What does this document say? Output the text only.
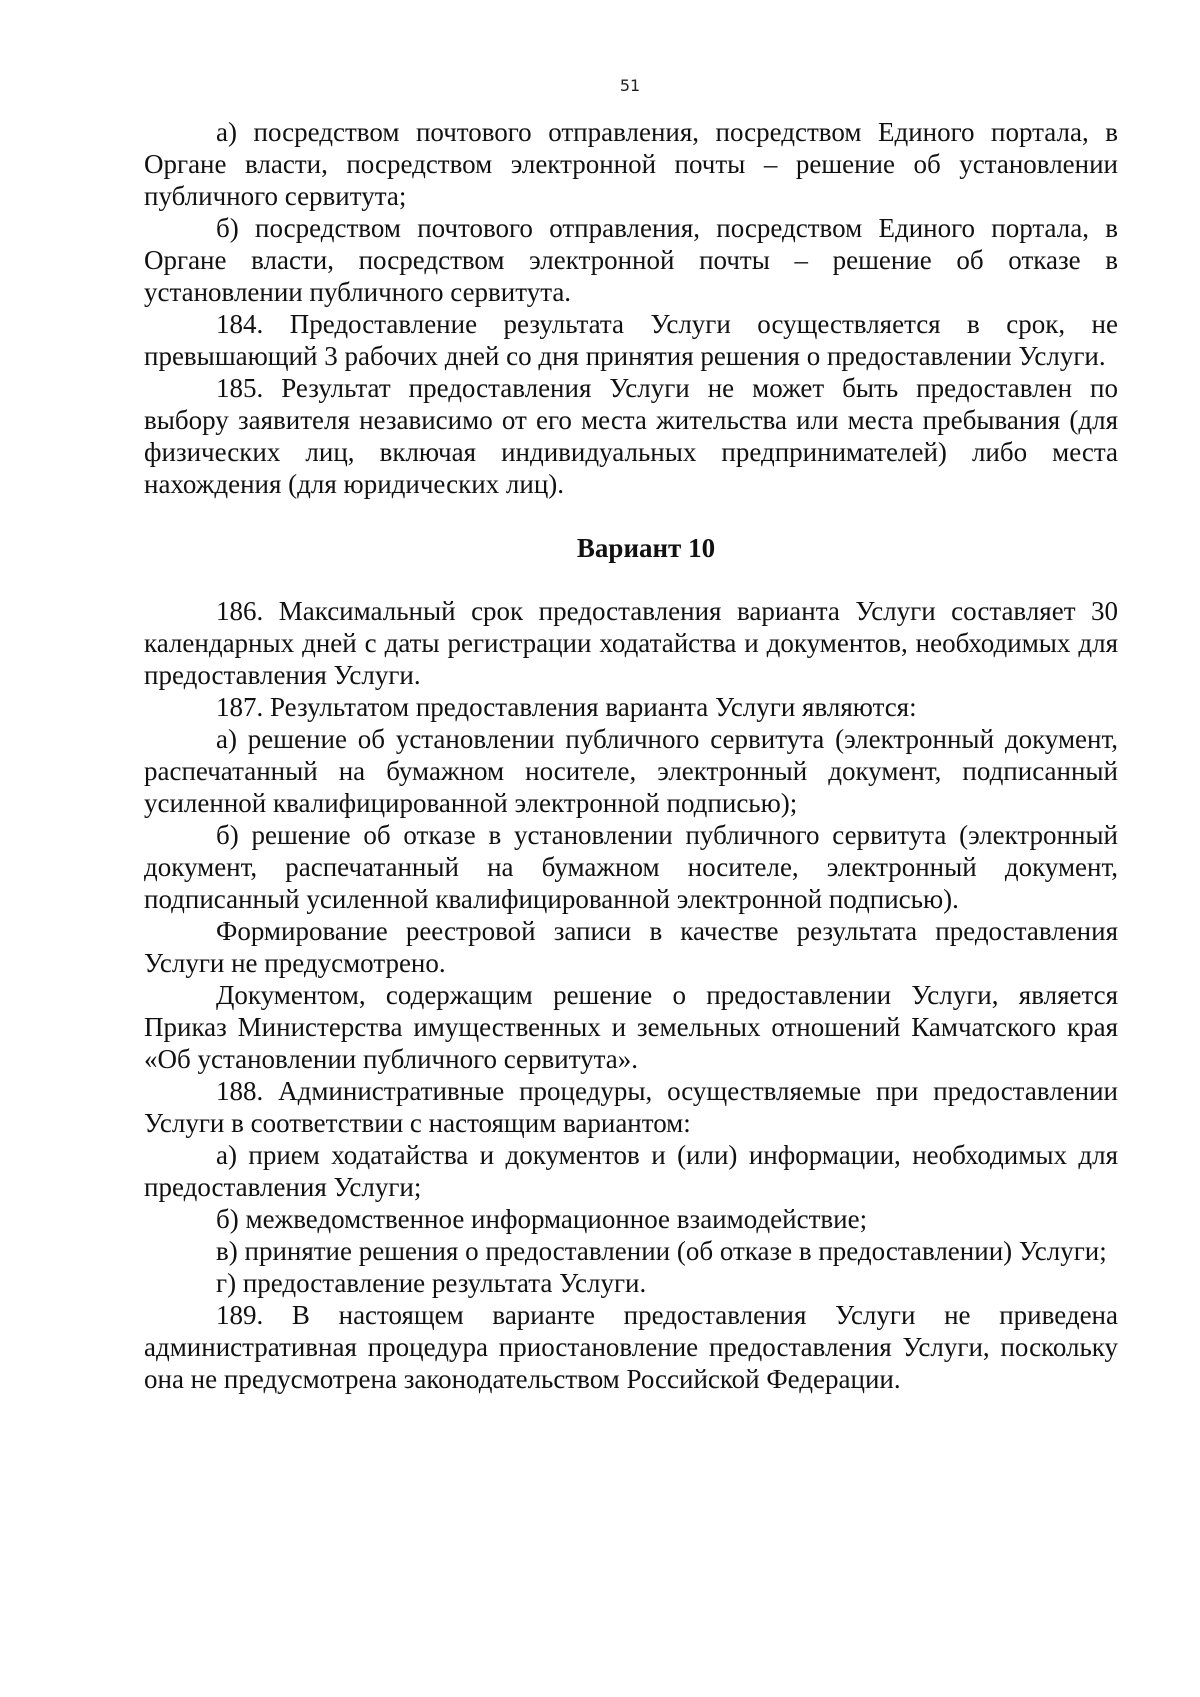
51

а) посредством почтового отправления, посредством Единого портала, в Органе власти, посредством электронной почты – решение об установлении публичного сервитута;

б) посредством почтового отправления, посредством Единого портала, в Органе власти, посредством электронной почты – решение об отказе в установлении публичного сервитута.

184. Предоставление результата Услуги осуществляется в срок, не превышающий 3 рабочих дней со дня принятия решения о предоставлении Услуги.

185. Результат предоставления Услуги не может быть предоставлен по выбору заявителя независимо от его места жительства или места пребывания (для физических лиц, включая индивидуальных предпринимателей) либо места нахождения (для юридических лиц).

Вариант 10

186. Максимальный срок предоставления варианта Услуги составляет 30 календарных дней с даты регистрации ходатайства и документов, необходимых для предоставления Услуги.

187. Результатом предоставления варианта Услуги являются:

а) решение об установлении публичного сервитута (электронный документ, распечатанный на бумажном носителе, электронный документ, подписанный усиленной квалифицированной электронной подписью);

б) решение об отказе в установлении публичного сервитута (электронный документ, распечатанный на бумажном носителе, электронный документ, подписанный усиленной квалифицированной электронной подписью).

Формирование реестровой записи в качестве результата предоставления Услуги не предусмотрено.

Документом, содержащим решение о предоставлении Услуги, является Приказ Министерства имущественных и земельных отношений Камчатского края «Об установлении публичного сервитута».

188. Административные процедуры, осуществляемые при предоставлении Услуги в соответствии с настоящим вариантом:

а) прием ходатайства и документов и (или) информации, необходимых для предоставления Услуги;

б) межведомственное информационное взаимодействие;

в) принятие решения о предоставлении (об отказе в предоставлении) Услуги;

г) предоставление результата Услуги.

189. В настоящем варианте предоставления Услуги не приведена административная процедура приостановление предоставления Услуги, поскольку она не предусмотрена законодательством Российской Федерации.
